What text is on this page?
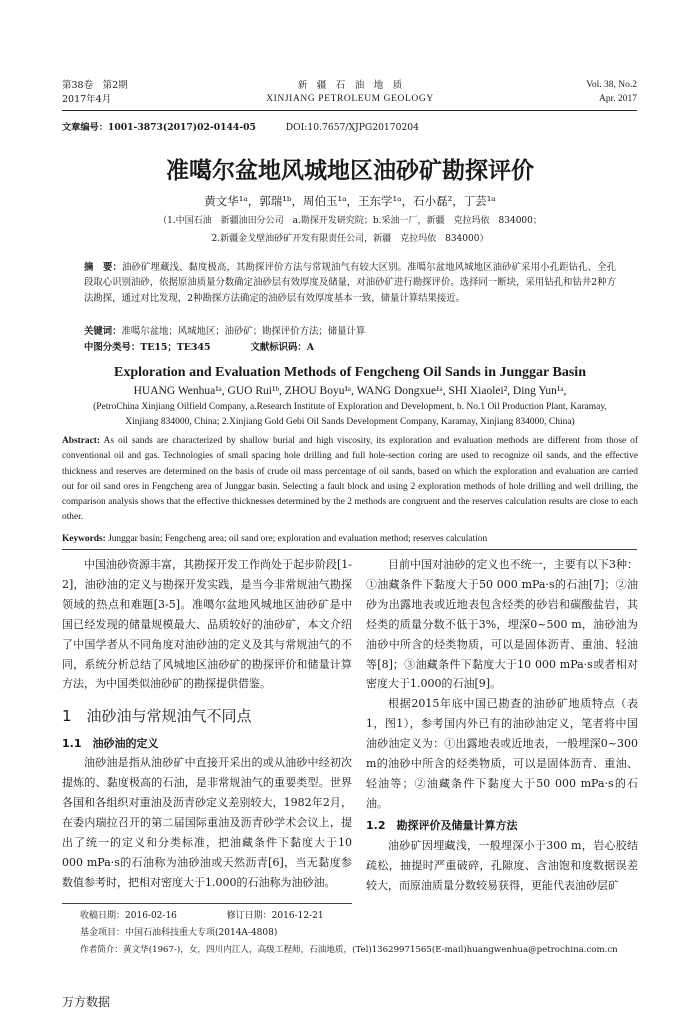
第38卷　第2期
2017年4月
新　疆　石　油　地　质
XINJIANG PETROLEUM GEOLOGY
Vol. 38, No.2
Apr. 2017
文章编号：1001-3873(2017)02-0144-05	DOI:10.7657/XJPG20170204
准噶尔盆地风城地区油砂矿勘探评价
黄文华¹ᵃ，郭瑞¹ᵇ，周伯玉¹ᵃ，王东学¹ᵃ，石小磊²，丁芸¹ᵃ
（1.中国石油　新疆油田分公司　a.勘探开发研究院；b.采油一厂，新疆　克拉玛依　834000；
2.新疆金戈壁油砂矿开发有限责任公司，新疆　克拉玛依　834000）
摘　要：油砂矿埋藏浅、黏度极高，其勘探评价方法与常规油气有较大区别。准噶尔盆地风城地区油砂矿采用小孔距钻孔、全孔段取心识别油砂，依据原油质量分数确定油砂层有效厚度及储量，对油砂矿进行勘探评价。选择同一断块，采用钻孔和钻井2种方法勘探，通过对比发现，2种勘探方法确定的油砂层有效厚度基本一致，储量计算结果接近。
关键词：准噶尔盆地；风城地区；油砂矿；勘探评价方法；储量计算
中图分类号：TE15；TE345	文献标识码：A
Exploration and Evaluation Methods of Fengcheng Oil Sands in Junggar Basin
HUANG Wenhua¹ᵃ, GUO Rui¹ᵇ, ZHOU Boyu¹ᵃ, WANG Dongxue¹ᵃ, SHI Xiaolei², Ding Yun¹ᵃ,
(PetroChina Xinjiang Oilfield Company, a.Research Institute of Exploration and Development, b. No.1 Oil Production Plant, Karamay,
Xinjiang 834000, China; 2.Xinjiang Gold Gebi Oil Sands Development Company, Karamay, Xinjiang 834000, China)
Abstract: As oil sands are characterized by shallow burial and high viscosity, its exploration and evaluation methods are different from those of conventional oil and gas. Technologies of small spacing hole drilling and full hole-section coring are used to recognize oil sands, and the effective thickness and reserves are determined on the basis of crude oil mass percentage of oil sands, based on which the exploration and evaluation are carried out for oil sand ores in Fengcheng area of Junggar basin. Selecting a fault block and using 2 exploration methods of hole drilling and well drilling, the comparison analysis shows that the effective thicknesses determined by the 2 methods are congruent and the reserves calculation results are close to each other.
Keywords: Junggar basin; Fengcheng area; oil sand ore; exploration and evaluation method; reserves calculation

中国油砂资源丰富，其勘探开发工作尚处于起步阶段[1-2]，油砂油的定义与勘探开发实践，是当今非常规油气勘探领域的热点和难题[3-5]。准噶尔盆地风城地区油砂矿是中国已经发现的储量规模最大、品质较好的油砂矿，本文介绍了中国学者从不同角度对油砂油的定义及其与常规油气的不同，系统分析总结了风城地区油砂矿的勘探评价和储量计算方法，为中国类似油砂矿的勘探提供借鉴。

1　油砂油与常规油气不同点
1.1　油砂油的定义

油砂油是指从油砂矿中直接开采出的或从油砂中经初次提炼的、黏度极高的石油，是非常规油气的重要类型。世界各国和各组织对重油及沥青砂定义差别较大，1982年2月，在委内瑞拉召开的第二届国际重油及沥青砂学术会议上，提出了统一的定义和分类标准，把油藏条件下黏度大于10 000 mPa·s的石油称为油砂油或天然沥青[6]，当无黏度参数值参考时，把相对密度大于1.000的石油称为油砂油。

目前中国对油砂的定义也不统一，主要有以下3种：①油藏条件下黏度大于50 000 mPa·s的石油[7]；②油砂为出露地表或近地表包含烃类的砂岩和碳酸盐岩，其烃类的质量分数不低于3%，埋深0~500 m，油砂油为油砂中所含的烃类物质，可以是固体沥青、重油、轻油等[8]；③油藏条件下黏度大于10 000 mPa·s或者相对密度大于1.000的石油[9]。

根据2015年底中国已勘查的油砂矿地质特点（表1，图1），参考国内外已有的油砂油定义，笔者将中国油砂油定义为：①出露地表或近地表，一般埋深0~300 m的油砂中所含的烃类物质，可以是固体沥青、重油、轻油等；②油藏条件下黏度大于50 000 mPa·s的石油。

1.2　勘探评价及储量计算方法

油砂矿因埋藏浅，一般埋深小于300 m，岩心胶结疏松，抽提时严重破碎，孔隙度、含油饱和度数据误差较大，而原油质量分数较易获得，更能代表油砂层矿

收稿日期：2016-02-16	修订日期：2016-12-21
基金项目：中国石油科技重大专项(2014A-4808)
作者简介：黄文华(1967-)，女，四川内江人，高级工程师，石油地质，(Tel)13629971565(E-mail)huangwenhua@petrochina.com.cn
万方数据
